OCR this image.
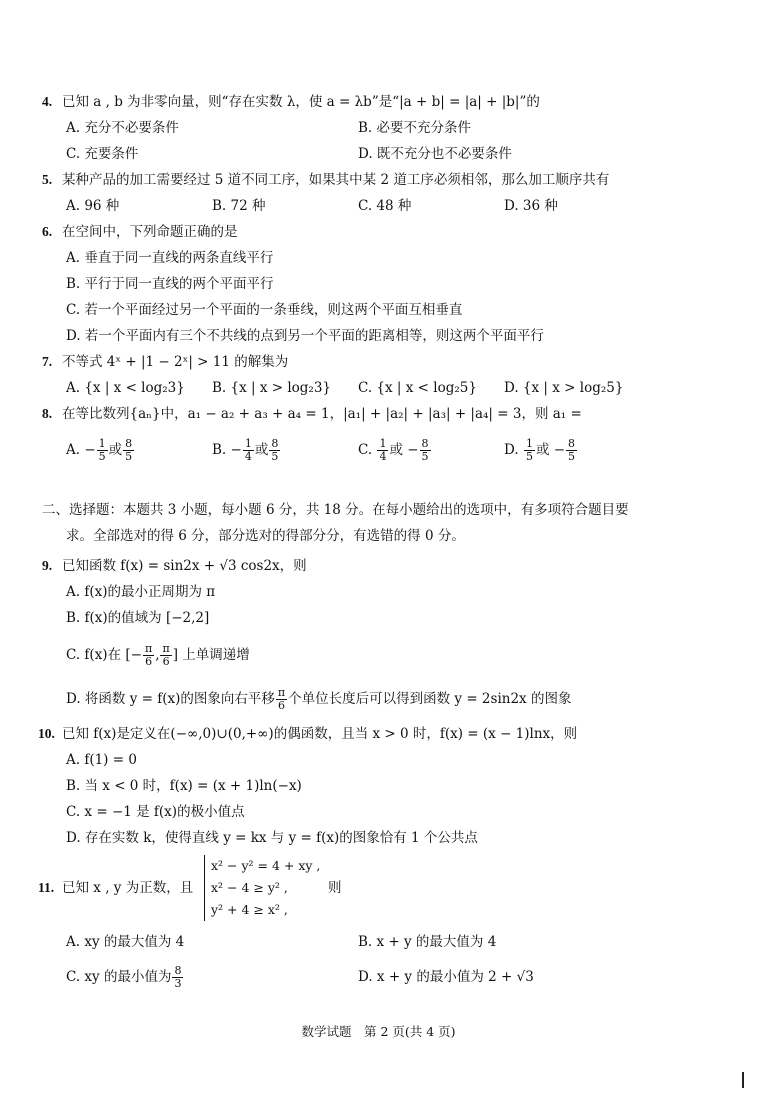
4. 已知 a , b 为非零向量，则“存在实数 λ，使 a = λb”是“|a + b| = |a| + |b|”的
A. 充分不必要条件	B. 必要不充分条件
C. 充要条件	D. 既不充分也不必要条件
5. 某种产品的加工需要经过 5 道不同工序，如果其中某 2 道工序必须相邻，那么加工顺序共有
A. 96 种	B. 72 种	C. 48 种	D. 36 种
6. 在空间中，下列命题正确的是
A. 垂直于同一直线的两条直线平行
B. 平行于同一直线的两个平面平行
C. 若一个平面经过另一个平面的一条垂线，则这两个平面互相垂直
D. 若一个平面内有三个不共线的点到另一个平面的距离相等，则这两个平面平行
7. 不等式 4ˣ + |1 − 2ˣ| > 11 的解集为
A. {x | x < log₂3} B. {x | x > log₂3} C. {x | x < log₂5} D. {x | x > log₂5}
8. 在等比数列{aₙ}中，a₁ − a₂ + a₃ + a₄ = 1，|a₁| + |a₂| + |a₃| + |a₄| = 3，则 a₁ =
A. − $\frac{1}{5}$ 或 $\frac{8}{5}$	B. − $\frac{1}{4}$ 或 $\frac{8}{5}$	C. $\frac{1}{4}$ 或 − $\frac{8}{5}$	D. $\frac{1}{5}$ 或 − $\frac{8}{5}$
二、选择题：本题共 3 小题，每小题 6 分，共 18 分。在每小题给出的选项中，有多项符合题目要
求。全部选对的得 6 分，部分选对的得部分分，有选错的得 0 分。
9. 已知函数 f(x) = sin2x + √3 cos2x，则
A. f(x)的最小正周期为 π
B. f(x)的值域为 [−2,2]
C. f(x)在 [− $\frac{\pi}{6}$ , $\frac{\pi}{6}$ ] 上单调递增
D. 将函数 y = f(x)的图象向右平移 $\frac{\pi}{6}$ 个单位长度后可以得到函数 y = 2sin2x 的图象
10. 已知 f(x)是定义在(−∞,0)∪(0,+∞)的偶函数，且当 x > 0 时，f(x) = (x − 1)lnx，则
A. f(1) = 0
B. 当 x < 0 时，f(x) = (x + 1)ln(−x)
C. x = −1 是 f(x)的极小值点
D. 存在实数 k，使得直线 y = kx 与 y = f(x)的图象恰有 1 个公共点
11. 已知 x , y 为正数，且	则
x² − y² = 4 + xy ,
x² − 4 ≥ y² ,
y² + 4 ≥ x² ,
A. xy 的最大值为 4	B. x + y 的最大值为 4
C. xy 的最小值为 $\frac{8}{3}$	D. x + y 的最小值为 2 + √3
数学试题　第 2 页(共 4 页)
